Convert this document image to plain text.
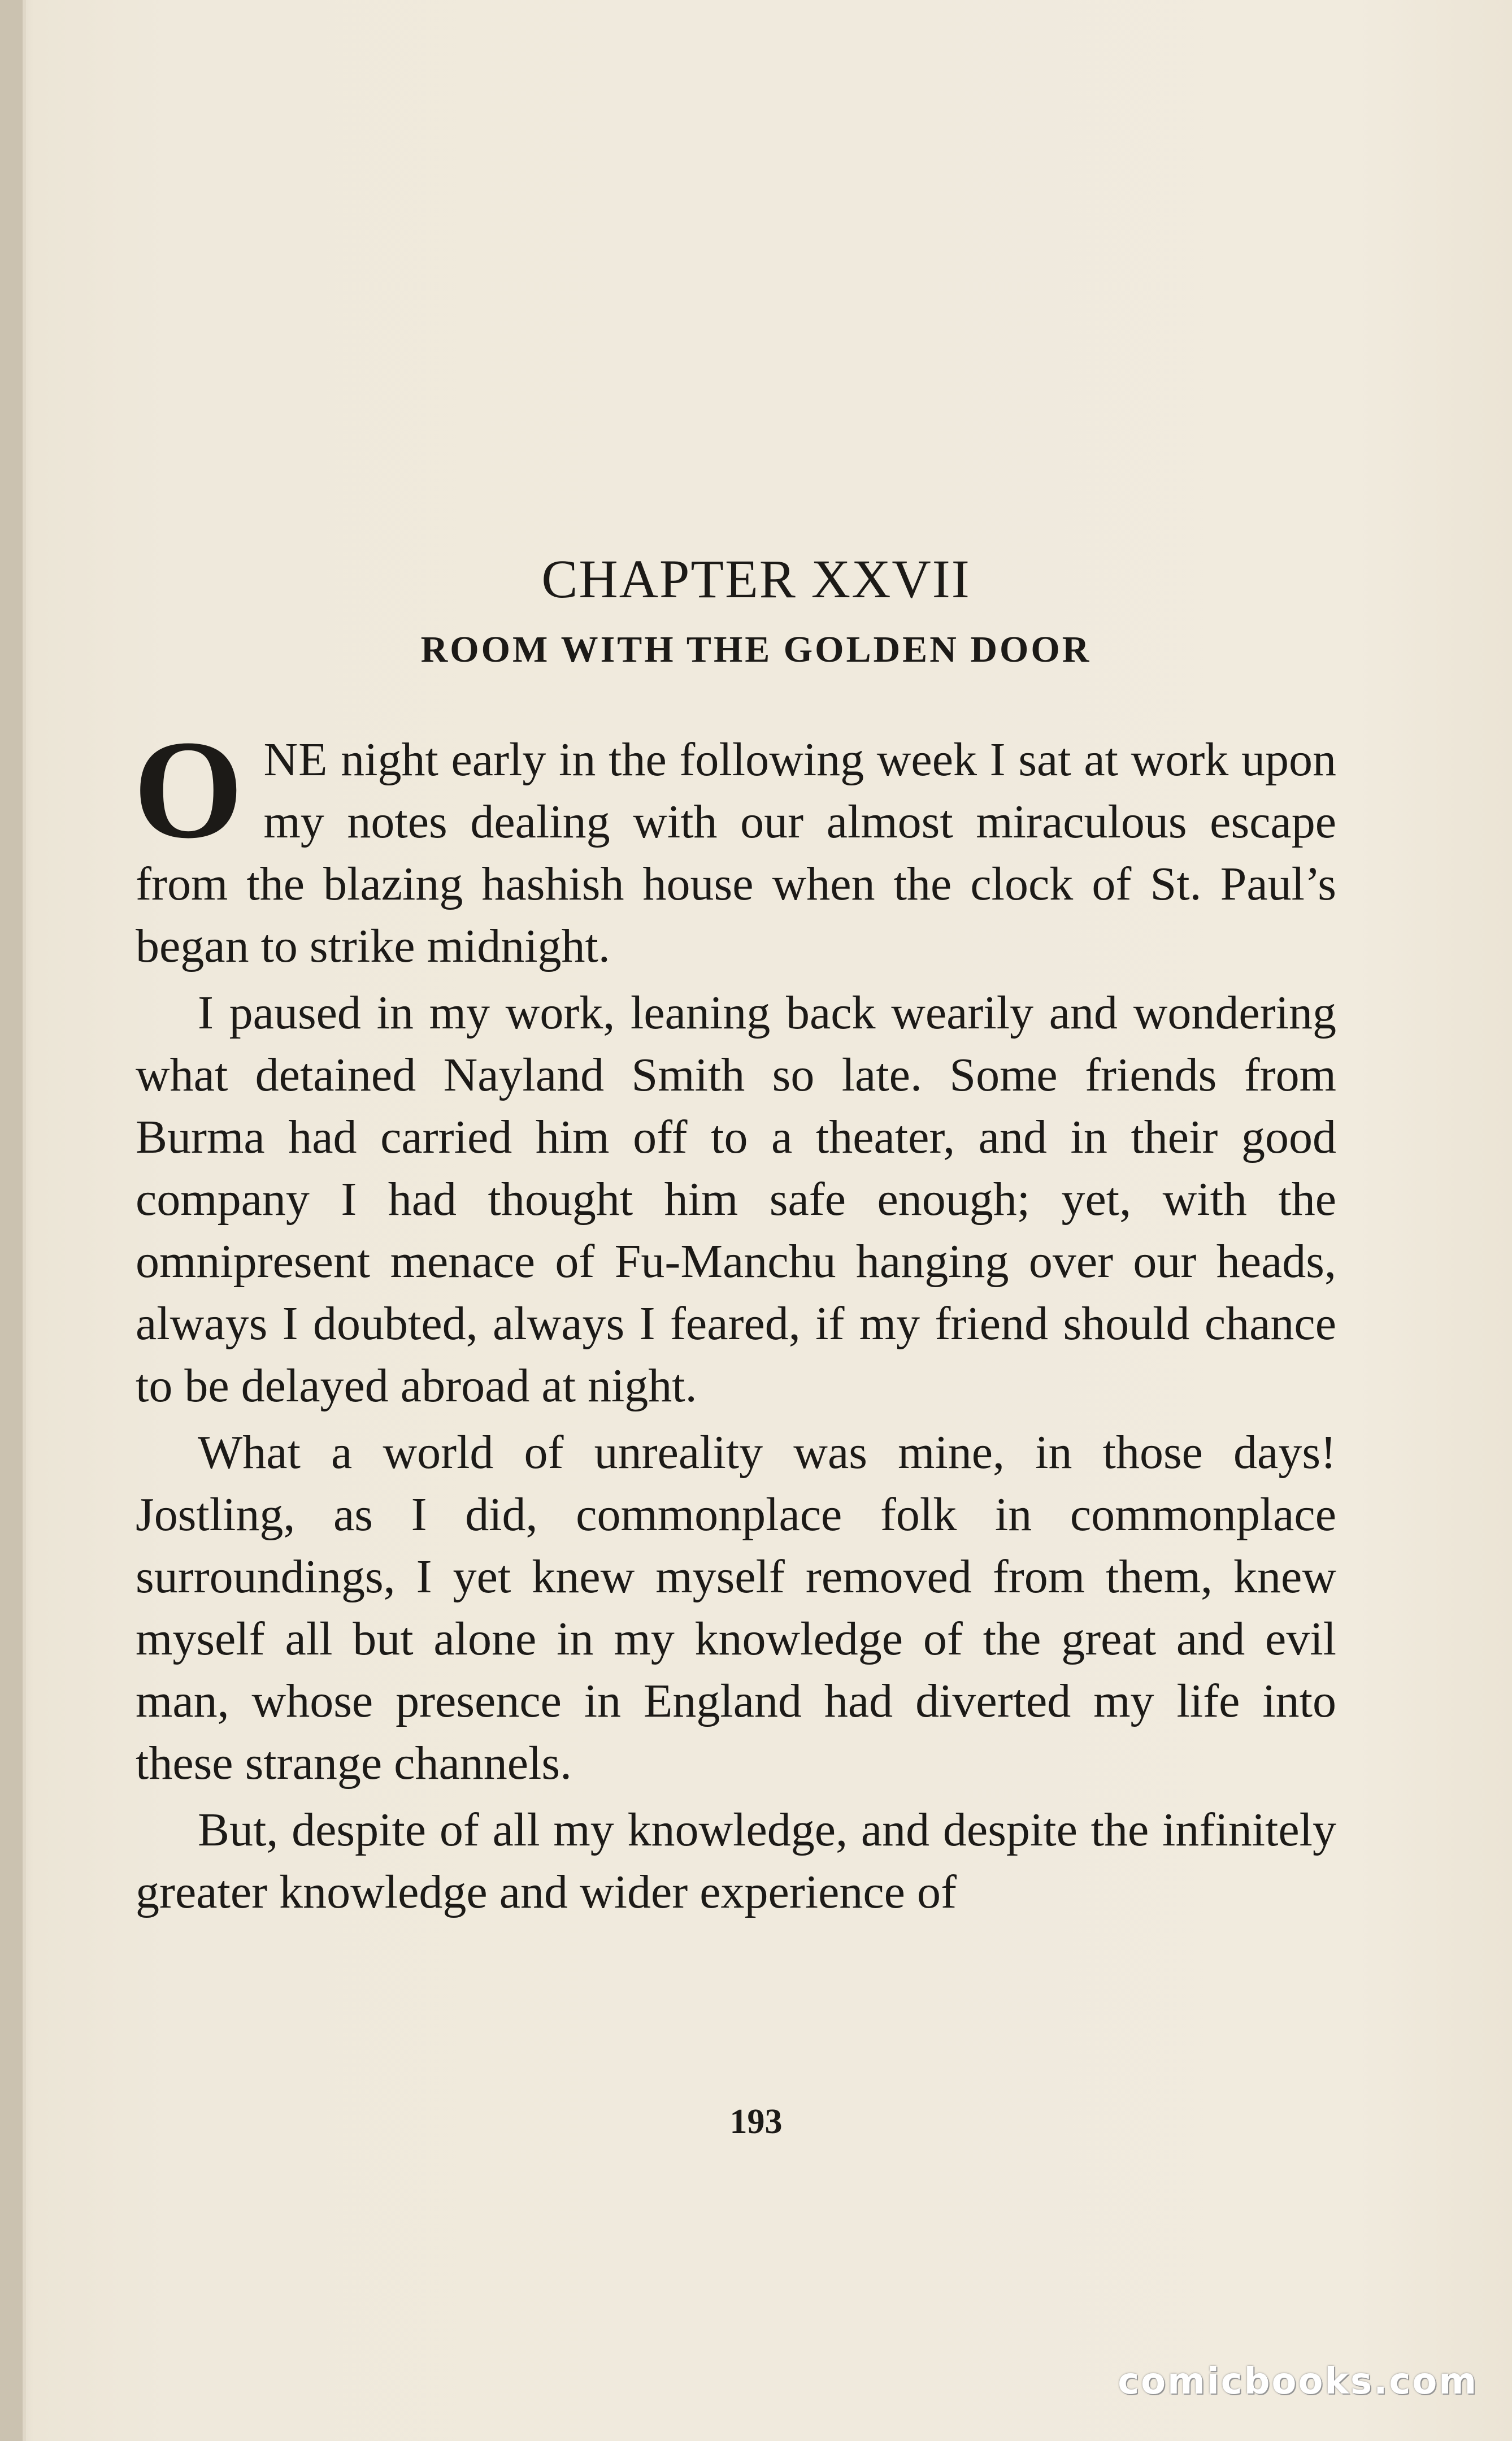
CHAPTER XXVII
ROOM WITH THE GOLDEN DOOR

ONE night early in the following week I sat at work upon my notes dealing with our almost miraculous escape from the blazing hashish house when the clock of St. Paul’s began to strike midnight.

I paused in my work, leaning back wearily and wondering what detained Nayland Smith so late. Some friends from Burma had carried him off to a theater, and in their good company I had thought him safe enough; yet, with the omnipresent menace of Fu-Manchu hanging over our heads, always I doubted, always I feared, if my friend should chance to be delayed abroad at night.

What a world of unreality was mine, in those days! Jostling, as I did, commonplace folk in commonplace surroundings, I yet knew myself removed from them, knew myself all but alone in my knowledge of the great and evil man, whose presence in England had diverted my life into these strange channels.

But, despite of all my knowledge, and despite the infinitely greater knowledge and wider experience of

193
comicbooks.com
